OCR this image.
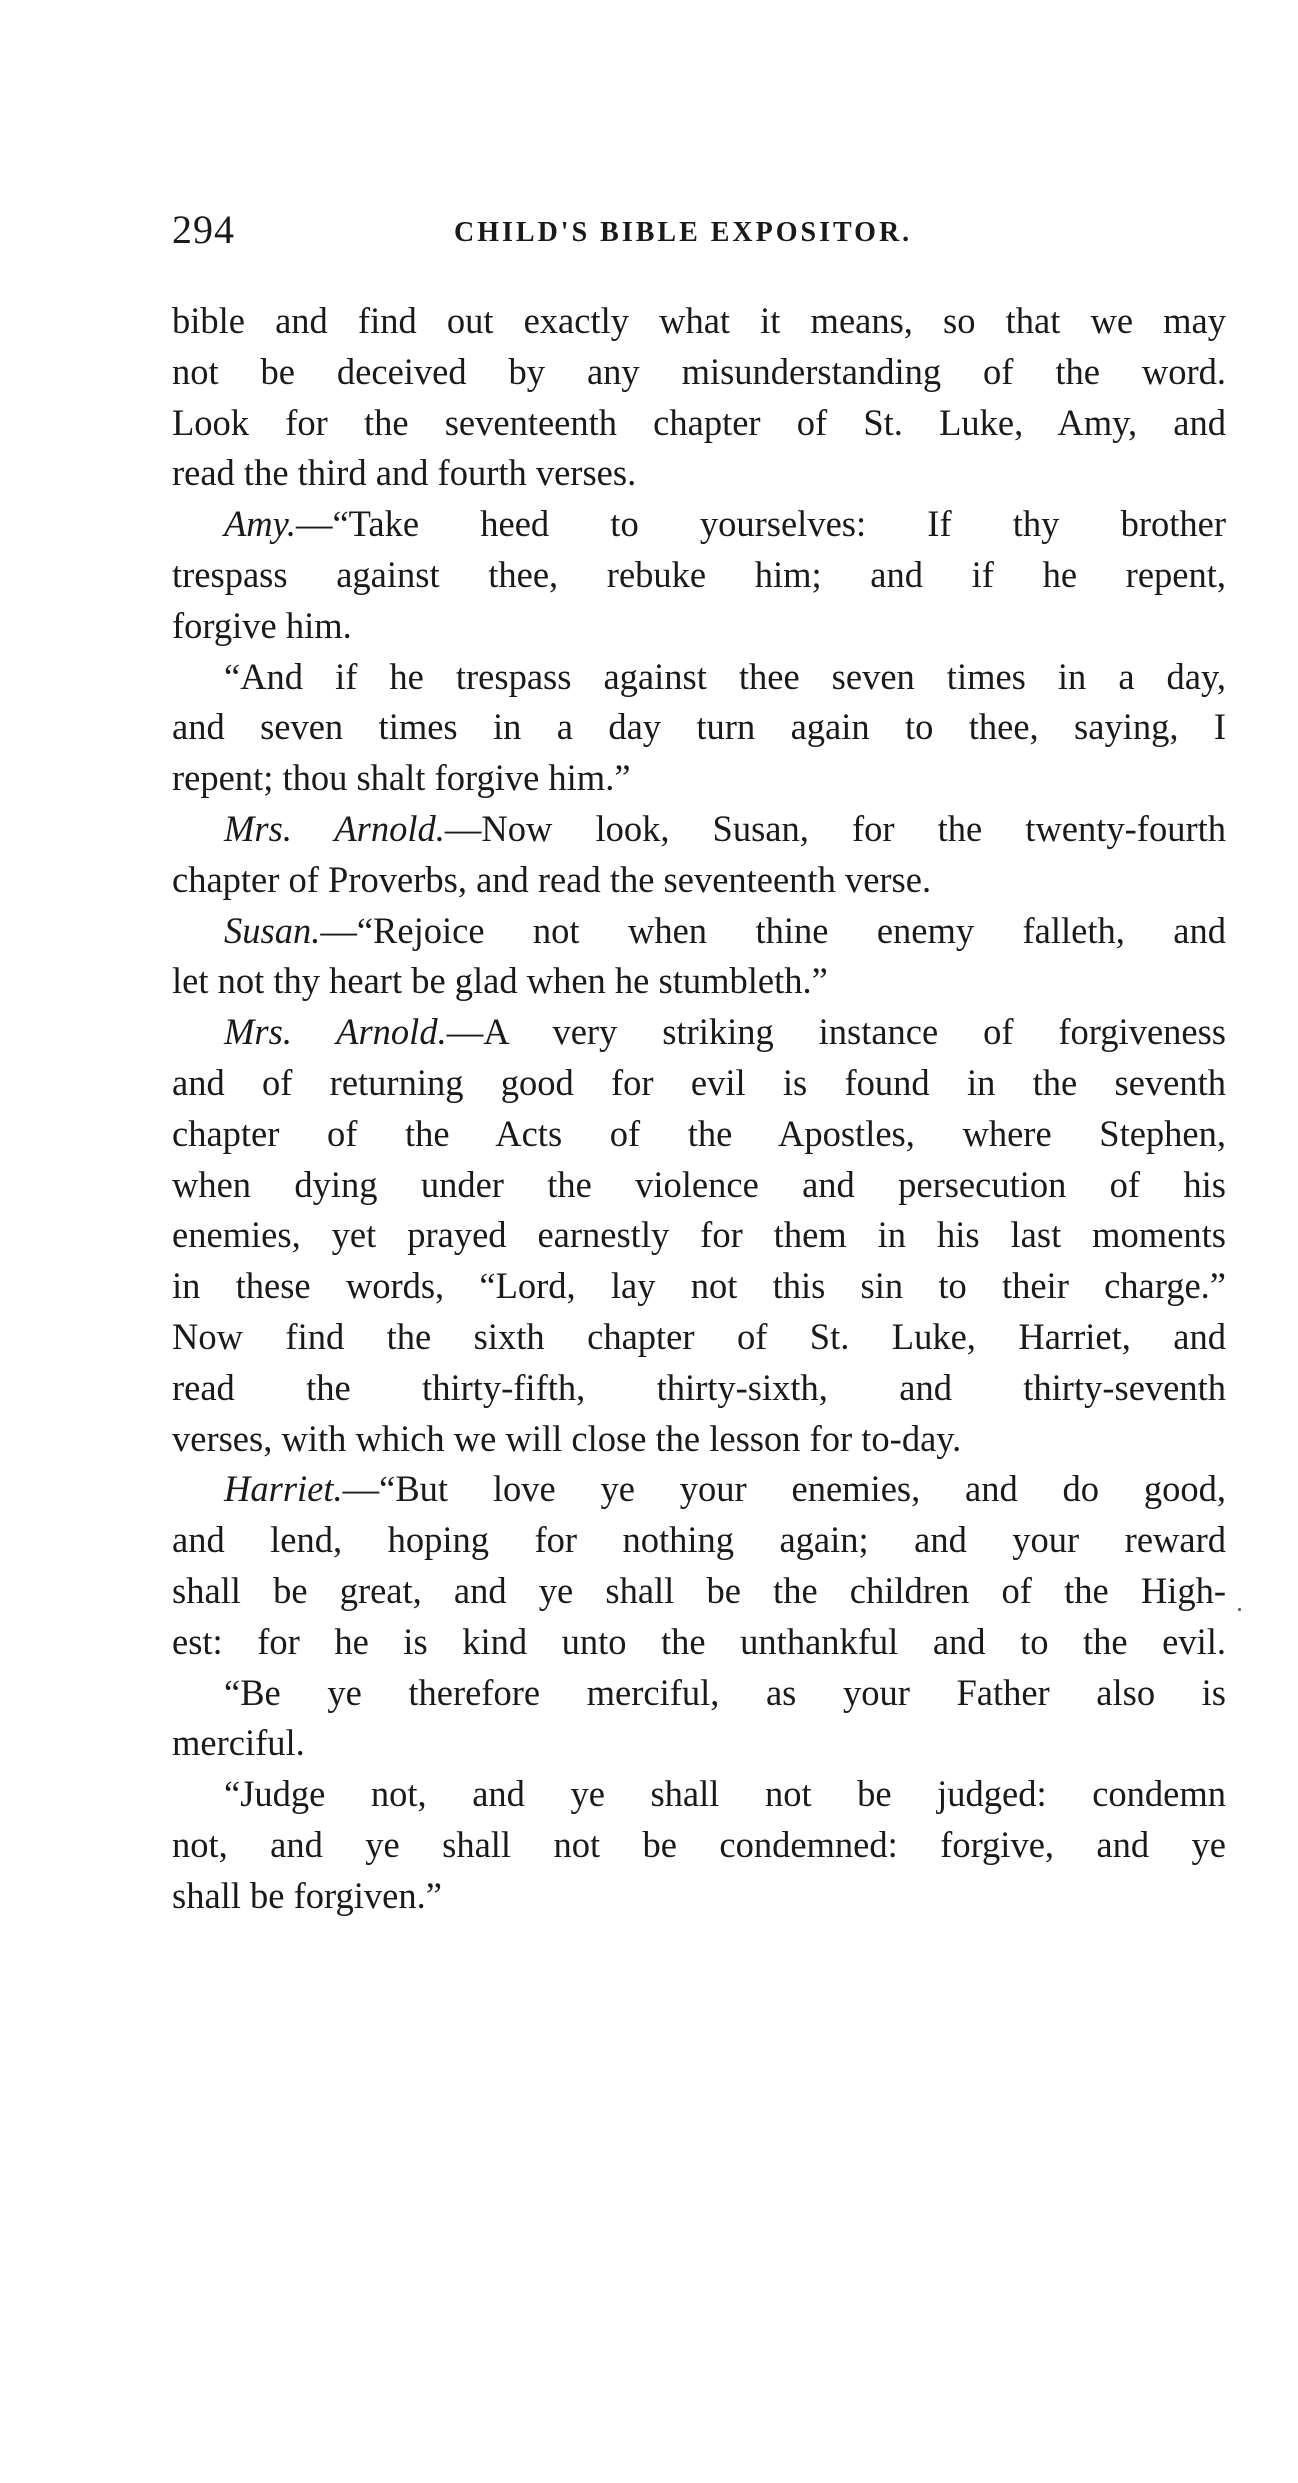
294	CHILD'S BIBLE EXPOSITOR.
bible and find out exactly what it means, so that we may
not be deceived by any misunderstanding of the word.
Look for the seventeenth chapter of St. Luke, Amy, and
read the third and fourth verses.
Amy.—“Take heed to yourselves: If thy brother
trespass against thee, rebuke him; and if he repent,
forgive him.
“And if he trespass against thee seven times in a day,
and seven times in a day turn again to thee, saying, I
repent; thou shalt forgive him.”
Mrs. Arnold.—Now look, Susan, for the twenty-fourth
chapter of Proverbs, and read the seventeenth verse.
Susan.—“Rejoice not when thine enemy falleth, and
let not thy heart be glad when he stumbleth.”
Mrs. Arnold.—A very striking instance of forgiveness
and of returning good for evil is found in the seventh
chapter of the Acts of the Apostles, where Stephen,
when dying under the violence and persecution of his
enemies, yet prayed earnestly for them in his last moments
in these words, “Lord, lay not this sin to their charge.”
Now find the sixth chapter of St. Luke, Harriet, and
read the thirty-fifth, thirty-sixth, and thirty-seventh
verses, with which we will close the lesson for to-day.
Harriet.—“But love ye your enemies, and do good,
and lend, hoping for nothing again; and your reward
shall be great, and ye shall be the children of the High-
est: for he is kind unto the unthankful and to the evil.
“Be ye therefore merciful, as your Father also is
merciful.
“Judge not, and ye shall not be judged: condemn
not, and ye shall not be condemned: forgive, and ye
shall be forgiven.”
